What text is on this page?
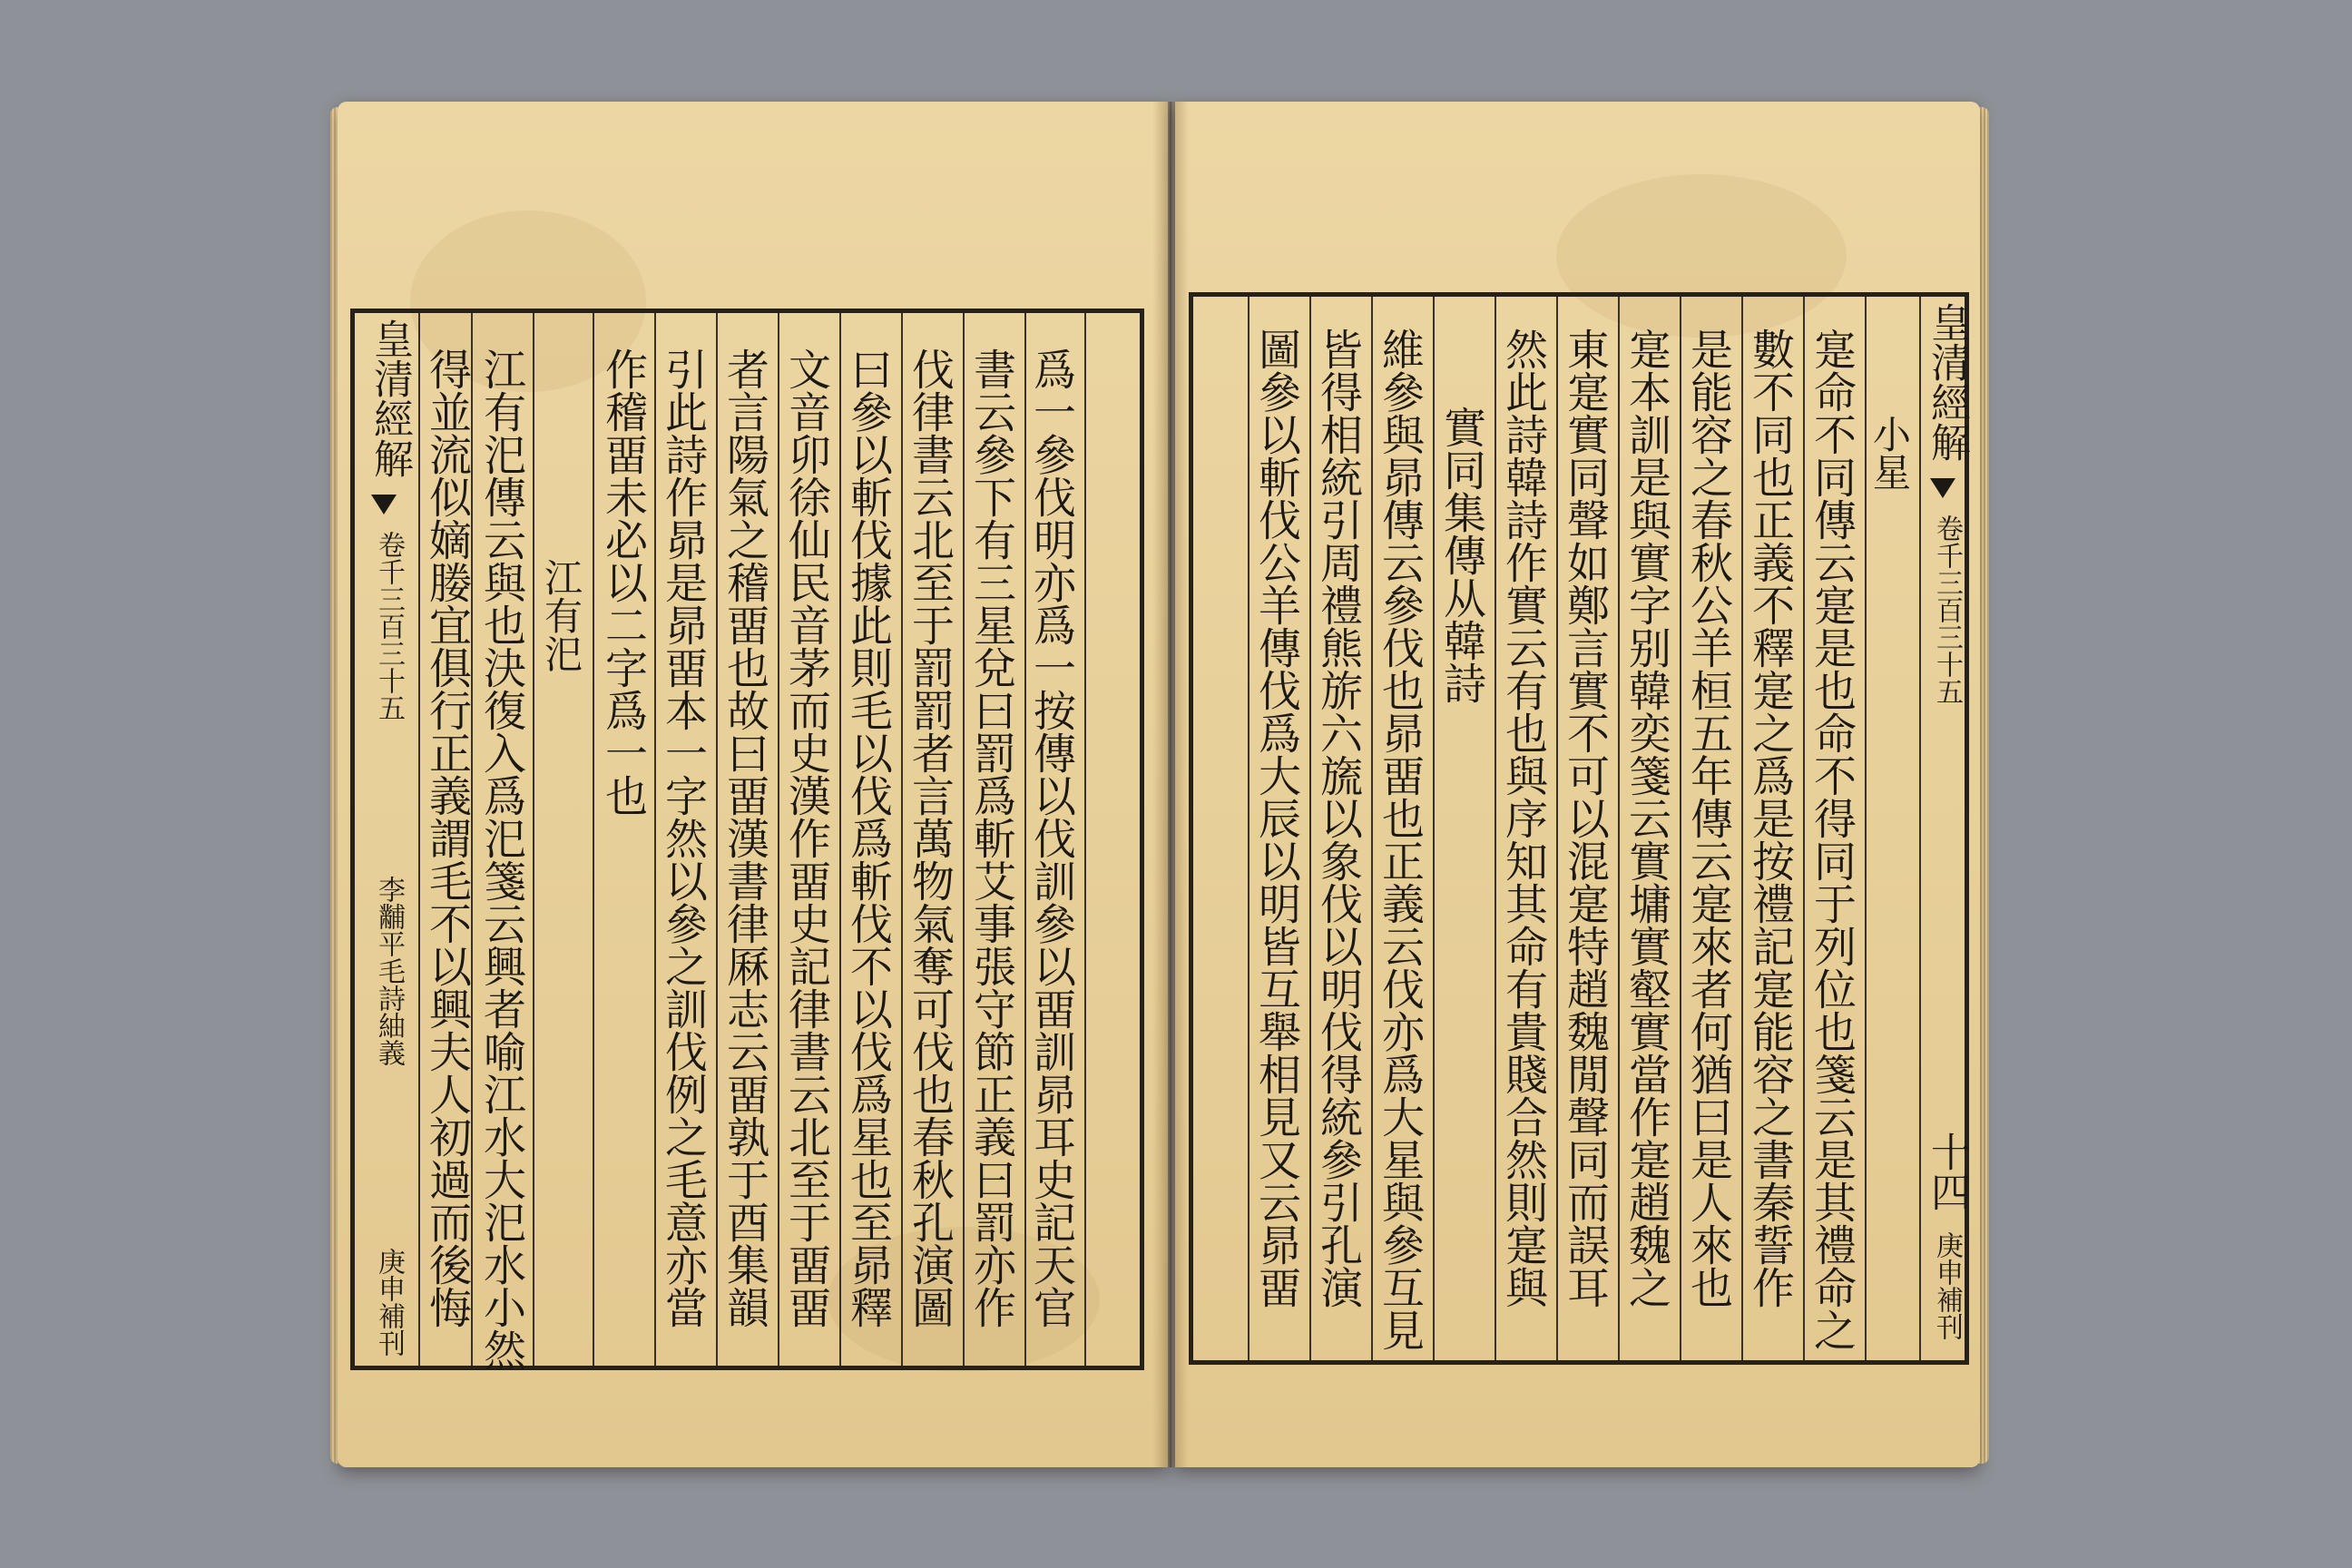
爲一參伐明亦爲一按傳以伐訓參以畱訓昴耳史記天官
書云參下有三星兌曰罰爲斬艾事張守節正義曰罰亦作
伐律書云北至于罰罰者言萬物氣奪可伐也春秋孔演圖
曰參以斬伐據此則毛以伐爲斬伐不以伐爲星也至昴釋
文音卯徐仙民音茅而史漢作畱史記律書云北至于畱畱
者言陽氣之稽畱也故曰畱漢書律厤志云畱孰于酉集韻
引此詩作昴是昴畱本一字然以參之訓伐例之毛意亦當
作稽畱未必以二字爲一也
江有汜
江有汜傳云與也決復入爲汜箋云興者喻江水大汜水小然
得並流似嫡媵宜俱行正義謂毛不以興夫人初過而後悔
皇清經解
卷千三百三十五
李黼平毛詩紬義
庚申補刊
皇清經解
卷千三百三十五
十四
庚申補刊
小星
寔命不同傳云寔是也命不得同于列位也箋云是其禮命之
數不同也正義不釋寔之爲是按禮記寔能容之書秦誓作
是能容之春秋公羊桓五年傳云寔來者何猶曰是人來也
寔本訓是與實字别韓奕箋云實墉實壑實當作寔趙魏之
東寔實同聲如鄭言實不可以混寔特趙魏閒聲同而誤耳
然此詩韓詩作實云有也與序知其命有貴賤合然則寔與
實同集傳从韓詩
維參與昴傳云參伐也昴畱也正義云伐亦爲大星與參互見
皆得相統引周禮熊旂六旒以象伐以明伐得統參引孔演
圖參以斬伐公羊傳伐爲大辰以明皆互舉相見又云昴畱
